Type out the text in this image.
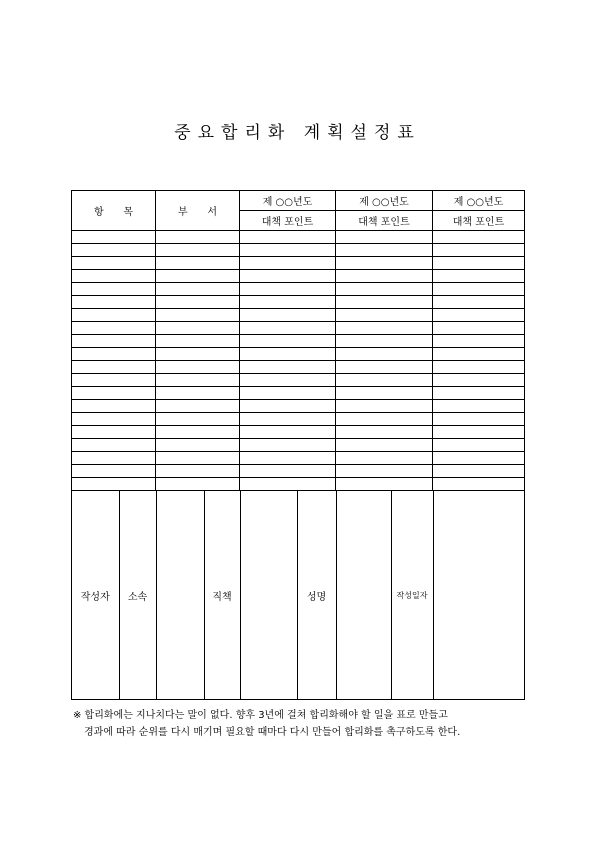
중요합리화 계획설정표
항 목	부 서
	제 ○○년도	제 ○○년도	제 ○○년도
대책 포인트	대책 포인트	대책 포인트

작성자	소속		직책		성명		작성일자	
※ 합리화에는 지나치다는 말이 없다. 향후 3년에 걸쳐 합리화해야 할 일을 표로 만들고
경과에 따라 순위를 다시 매기며 필요할 때마다 다시 만들어 합리화를 촉구하도록 한다.
